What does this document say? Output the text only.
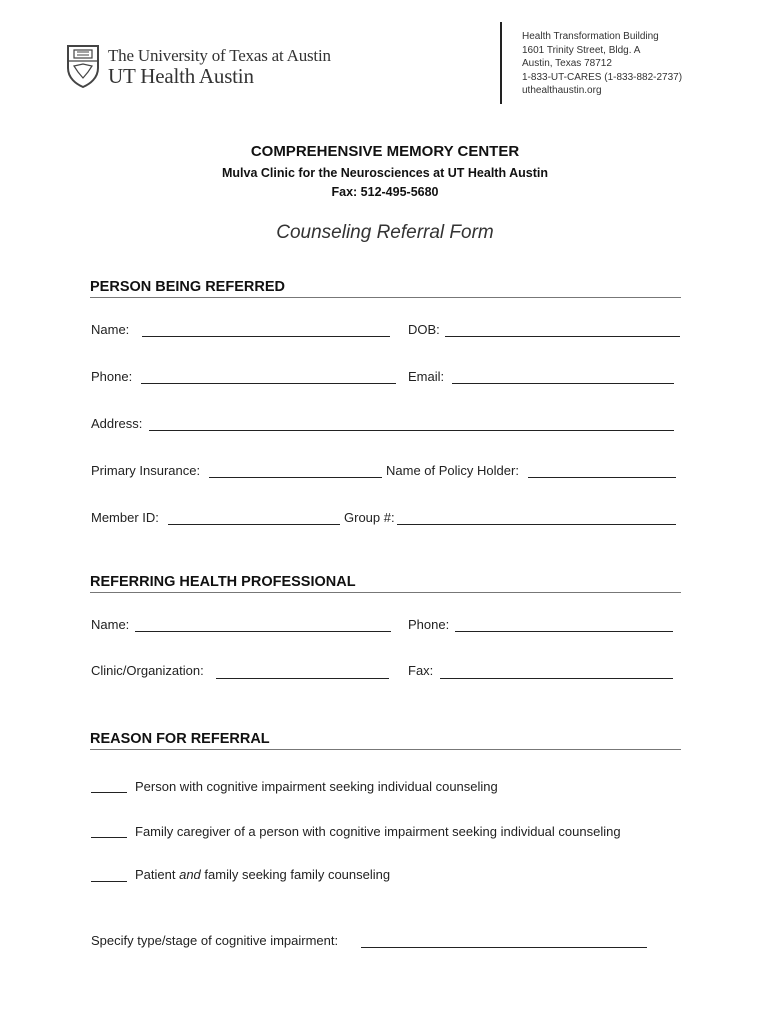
The University of Texas at Austin
UT Health Austin
Health Transformation Building
1601 Trinity Street, Bldg. A
Austin, Texas 78712
1-833-UT-CARES (1-833-882-2737)
uthealthaustin.org
COMPREHENSIVE MEMORY CENTER
Mulva Clinic for the Neurosciences at UT Health Austin
Fax: 512-495-5680
Counseling Referral Form
PERSON BEING REFERRED
Name:	DOB:
Phone:	Email:
Address:
Primary Insurance:	Name of Policy Holder:
Member ID:	Group #:
REFERRING HEALTH PROFESSIONAL
Name:	Phone:
Clinic/Organization:	Fax:
REASON FOR REFERRAL
Person with cognitive impairment seeking individual counseling
Family caregiver of a person with cognitive impairment seeking individual counseling
Patient and family seeking family counseling
Specify type/stage of cognitive impairment:
